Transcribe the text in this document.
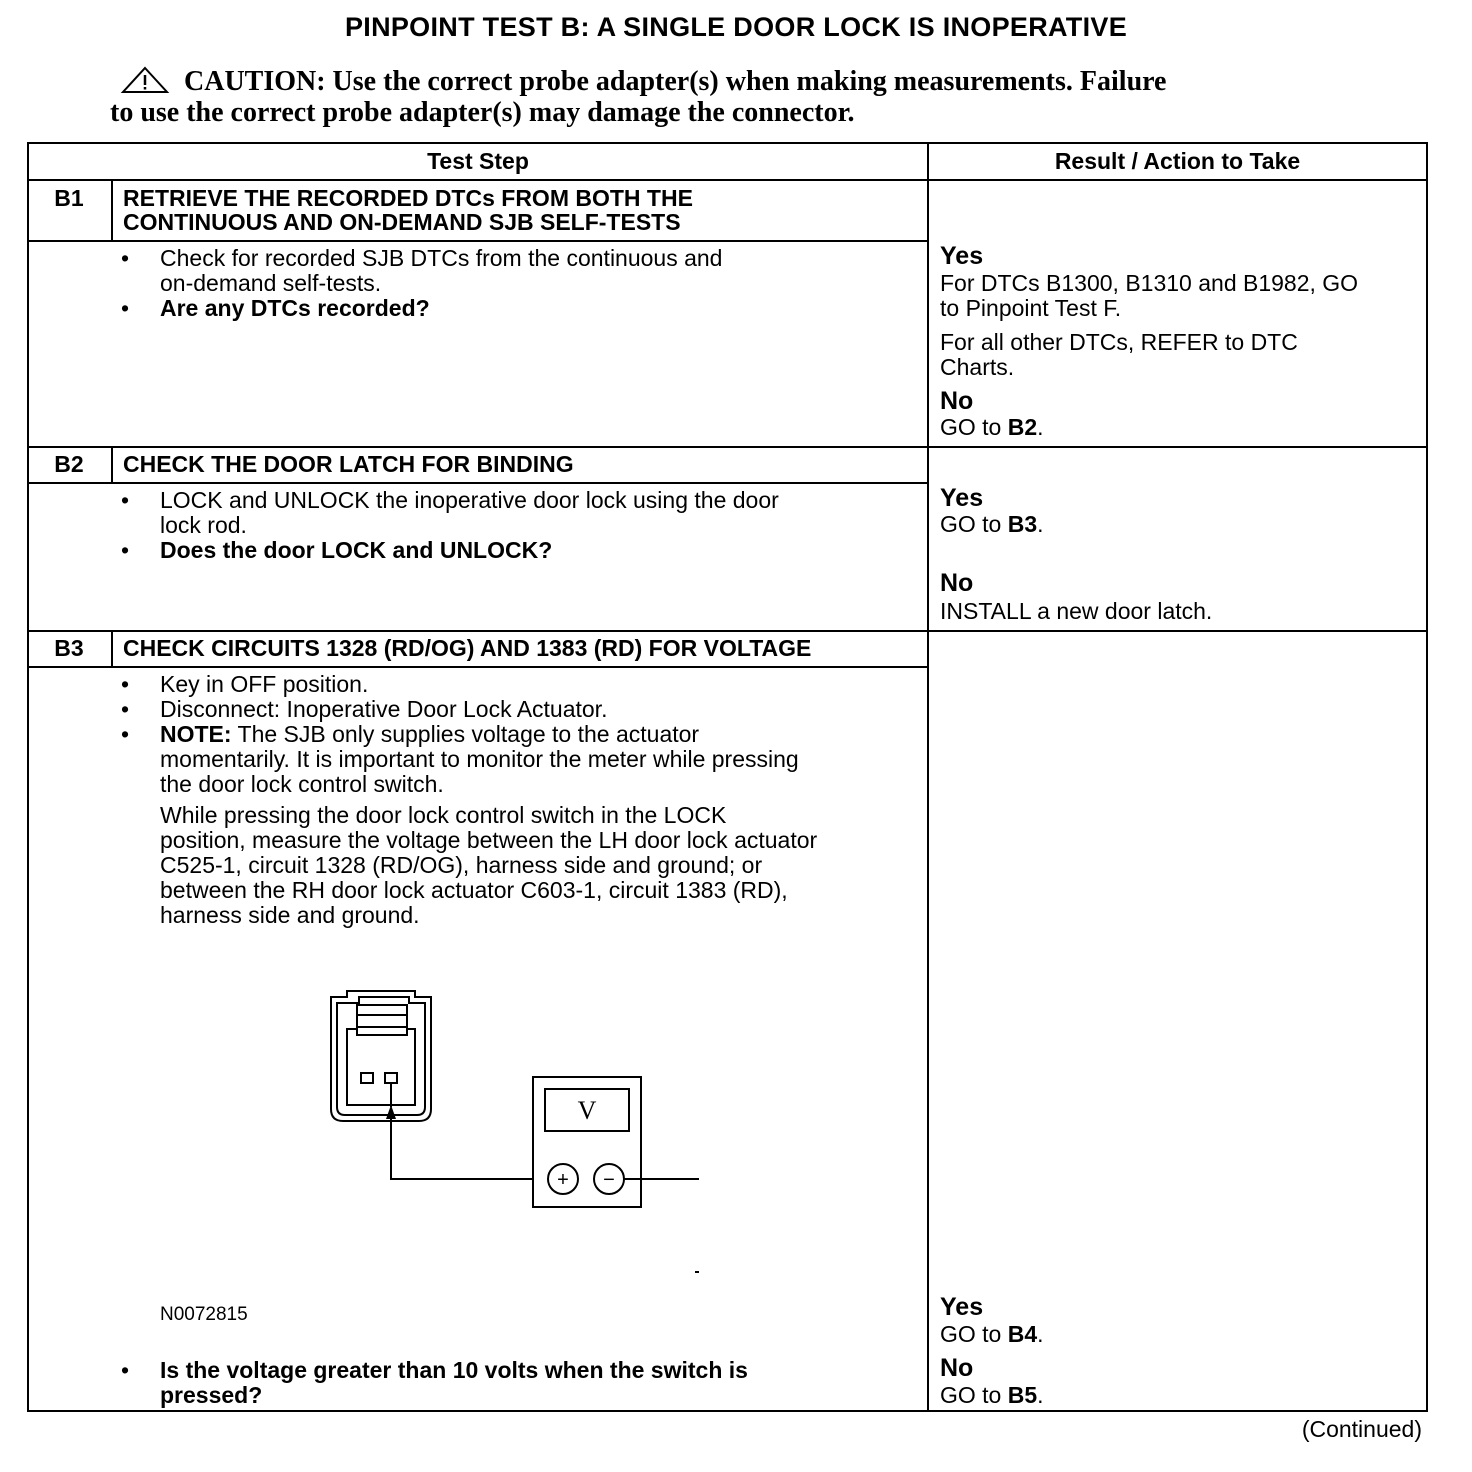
PINPOINT TEST B: A SINGLE DOOR LOCK IS INOPERATIVE
CAUTION: Use the correct probe adapter(s) when making measurements. Failure
to use the correct probe adapter(s) may damage the connector.
Test Step	Result / Action to Take
B1	RETRIEVE THE RECORDED DTCs FROM BOTH THE
CONTINUOUS AND ON-DEMAND SJB SELF-TESTS
• Check for recorded SJB DTCs from the continuous and
on-demand self-tests.
• Are any DTCs recorded?
Yes
For DTCs B1300, B1310 and B1982, GO
to Pinpoint Test F.
For all other DTCs, REFER to DTC
Charts.
No
GO to B2.
B2	CHECK THE DOOR LATCH FOR BINDING
• LOCK and UNLOCK the inoperative door lock using the door
lock rod.
• Does the door LOCK and UNLOCK?
Yes
GO to B3.
No
INSTALL a new door latch.
B3	CHECK CIRCUITS 1328 (RD/OG) AND 1383 (RD) FOR VOLTAGE
• Key in OFF position.
• Disconnect: Inoperative Door Lock Actuator.
• NOTE: The SJB only supplies voltage to the actuator
momentarily. It is important to monitor the meter while pressing
the door lock control switch.
While pressing the door lock control switch in the LOCK
position, measure the voltage between the LH door lock actuator
C525-1, circuit 1328 (RD/OG), harness side and ground; or
between the RH door lock actuator C603-1, circuit 1383 (RD),
harness side and ground.
V
+ −
N0072815
• Is the voltage greater than 10 volts when the switch is
pressed?
Yes
GO to B4.
No
GO to B5.
(Continued)
